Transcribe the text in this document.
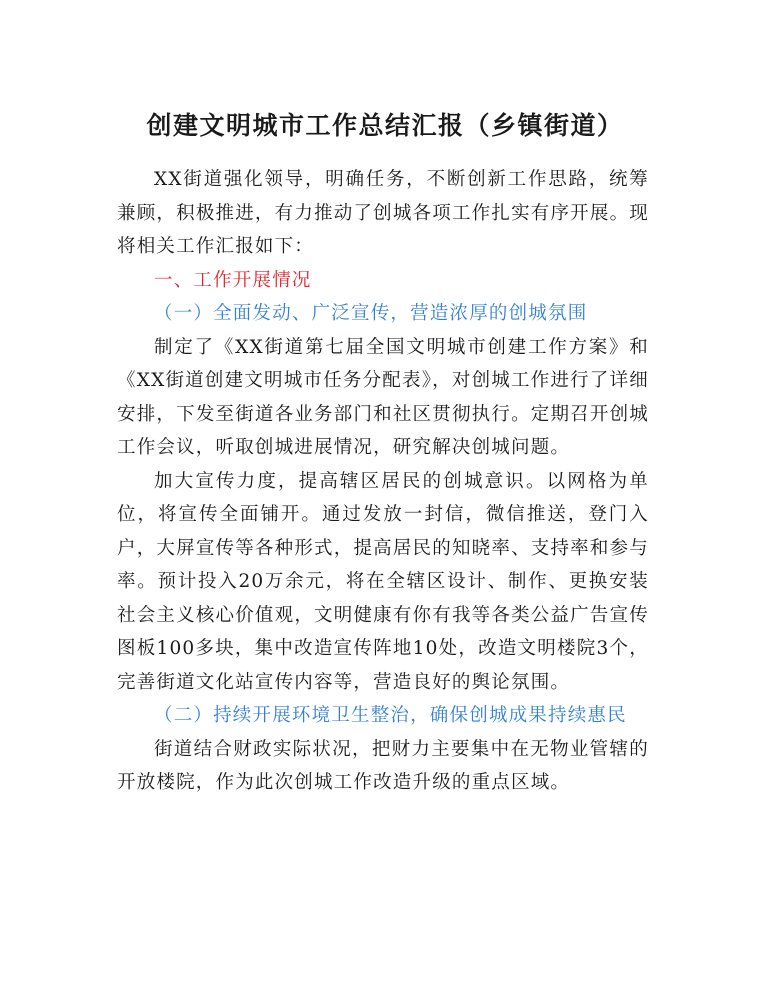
创建文明城市工作总结汇报（乡镇街道）

XX街道强化领导，明确任务，不断创新工作思路，统筹兼顾，积极推进，有力推动了创城各项工作扎实有序开展。现将相关工作汇报如下：

一、工作开展情况

（一）全面发动、广泛宣传，营造浓厚的创城氛围

制定了《XX街道第七届全国文明城市创建工作方案》和《XX街道创建文明城市任务分配表》，对创城工作进行了详细安排，下发至街道各业务部门和社区贯彻执行。定期召开创城工作会议，听取创城进展情况，研究解决创城问题。

加大宣传力度，提高辖区居民的创城意识。以网格为单位，将宣传全面铺开。通过发放一封信，微信推送，登门入户，大屏宣传等各种形式，提高居民的知晓率、支持率和参与率。预计投入20万余元，将在全辖区设计、制作、更换安装社会主义核心价值观，文明健康有你有我等各类公益广告宣传图板100多块，集中改造宣传阵地10处，改造文明楼院3个，完善街道文化站宣传内容等，营造良好的舆论氛围。

（二）持续开展环境卫生整治，确保创城成果持续惠民

街道结合财政实际状况，把财力主要集中在无物业管辖的开放楼院，作为此次创城工作改造升级的重点区域。
